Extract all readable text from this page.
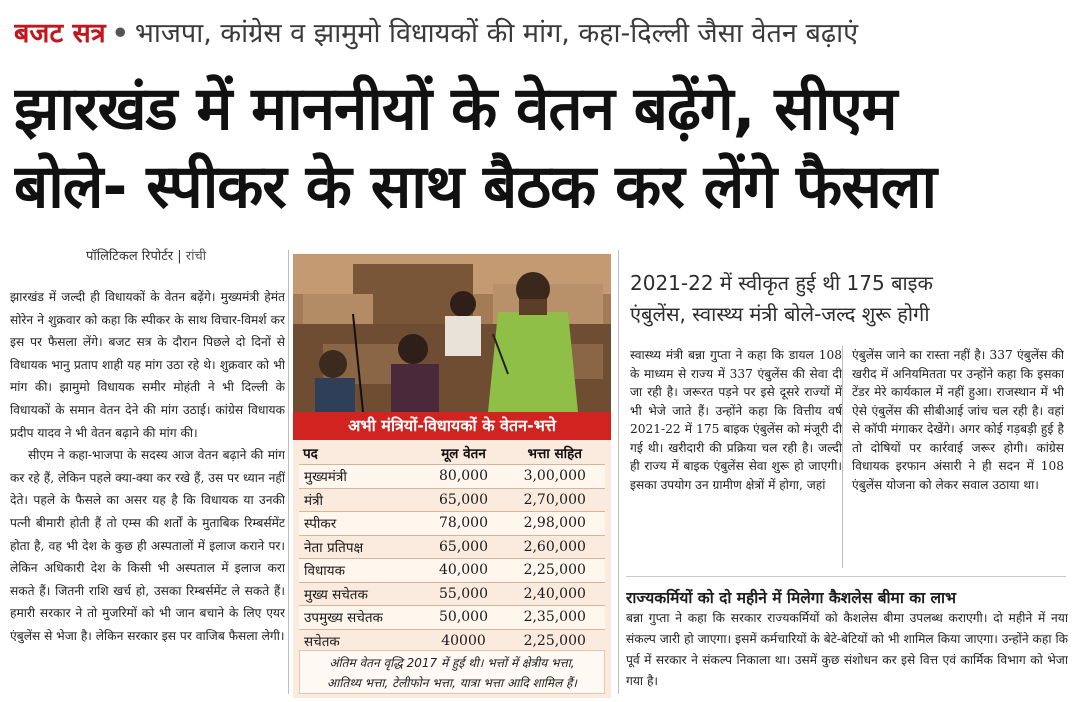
बजट सत्र • भाजपा, कांग्रेस व झामुमो विधायकों की मांग, कहा-दिल्ली जैसा वेतन बढ़ाएं
झारखंड में माननीयों के वेतन बढ़ेंगे, सीएम
बोले- स्पीकर के साथ बैठक कर लेंगे फैसला
पॉलिटिकल रिपोर्टर | रांची

झारखंड में जल्दी ही विधायकों के वेतन बढ़ेंगे। मुख्यमंत्री हेमंत सोरेन ने शुक्रवार को कहा कि स्पीकर के साथ विचार-विमर्श कर इस पर फैसला लेंगे। बजट सत्र के दौरान पिछले दो दिनों से विधायक भानु प्रताप शाही यह मांग उठा रहे थे। शुक्रवार को भी मांग की। झामुमो विधायक समीर मोहंती ने भी दिल्ली के विधायकों के समान वेतन देने की मांग उठाई। कांग्रेस विधायक प्रदीप यादव ने भी वेतन बढ़ाने की मांग की।

सीएम ने कहा-भाजपा के सदस्य आज वेतन बढ़ाने की मांग कर रहे हैं, लेकिन पहले क्या-क्या कर रखे हैं, उस पर ध्यान नहीं देते। पहले के फैसले का असर यह है कि विधायक या उनकी पत्नी बीमारी होती हैं तो एम्स की शर्तों के मुताबिक रिम्बर्समेंट होता है, वह भी देश के कुछ ही अस्पतालों में इलाज कराने पर। लेकिन अधिकारी देश के किसी भी अस्पताल में इलाज करा सकते हैं। जितनी राशि खर्च हो, उसका रिम्बर्समेंट ले सकते हैं। हमारी सरकार ने तो मुजरिमों को भी जान बचाने के लिए एयर एंबुलेंस से भेजा है। लेकिन सरकार इस पर वाजिब फैसला लेगी।

अभी मंत्रियों-विधायकों के वेतन-भत्ते
पद	मूल वेतन	भत्ता सहित
मुख्यमंत्री	80,000	3,00,000
मंत्री	65,000	2,70,000
स्पीकर	78,000	2,98,000
नेता प्रतिपक्ष	65,000	2,60,000
विधायक	40,000	2,25,000
मुख्य सचेतक	55,000	2,40,000
उपमुख्य सचेतक	50,000	2,35,000
सचेतक	40000	2,25,000
अंतिम वेतन वृद्धि 2017 में हुई थी। भत्तों में क्षेत्रीय भत्ता,
आतिथ्य भत्ता, टेलीफोन भत्ता, यात्रा भत्ता आदि शामिल हैं।
2021-22 में स्वीकृत हुई थी 175 बाइक
एंबुलेंस, स्वास्थ्य मंत्री बोले-जल्द शुरू होगी
स्वास्थ्य मंत्री बन्ना गुप्ता ने कहा कि डायल 108 के माध्यम से राज्य में 337 एंबुलेंस की सेवा दी जा रही है। जरूरत पड़ने पर इसे दूसरे राज्यों में भी भेजे जाते हैं। उन्होंने कहा कि वित्तीय वर्ष 2021-22 में 175 बाइक एंबुलेंस को मंजूरी दी गई थी। खरीदारी की प्रक्रिया चल रही है। जल्दी ही राज्य में बाइक एंबुलेंस सेवा शुरू हो जाएगी। इसका उपयोग उन ग्रामीण क्षेत्रों में होगा, जहां
एंबुलेंस जाने का रास्ता नहीं है। 337 एंबुलेंस की खरीद में अनियमितता पर उन्होंने कहा कि इसका टेंडर मेरे कार्यकाल में नहीं हुआ। राजस्थान में भी ऐसे एंबुलेंस की सीबीआई जांच चल रही है। वहां से कॉपी मंगाकर देखेंगे। अगर कोई गड़बड़ी हुई है तो दोषियों पर कार्रवाई जरूर होगी। कांग्रेस विधायक इरफान अंसारी ने ही सदन में 108 एंबुलेंस योजना को लेकर सवाल उठाया था।
राज्यकर्मियों को दो महीने में मिलेगा कैशलेस बीमा का लाभ
बन्ना गुप्ता ने कहा कि सरकार राज्यकर्मियों को कैशलेस बीमा उपलब्ध कराएगी। दो महीने में नया संकल्प जारी हो जाएगा। इसमें कर्मचारियों के बेटे-बेटियों को भी शामिल किया जाएगा। उन्होंने कहा कि पूर्व में सरकार ने संकल्प निकाला था। उसमें कुछ संशोधन कर इसे वित्त एवं कार्मिक विभाग को भेजा गया है।
